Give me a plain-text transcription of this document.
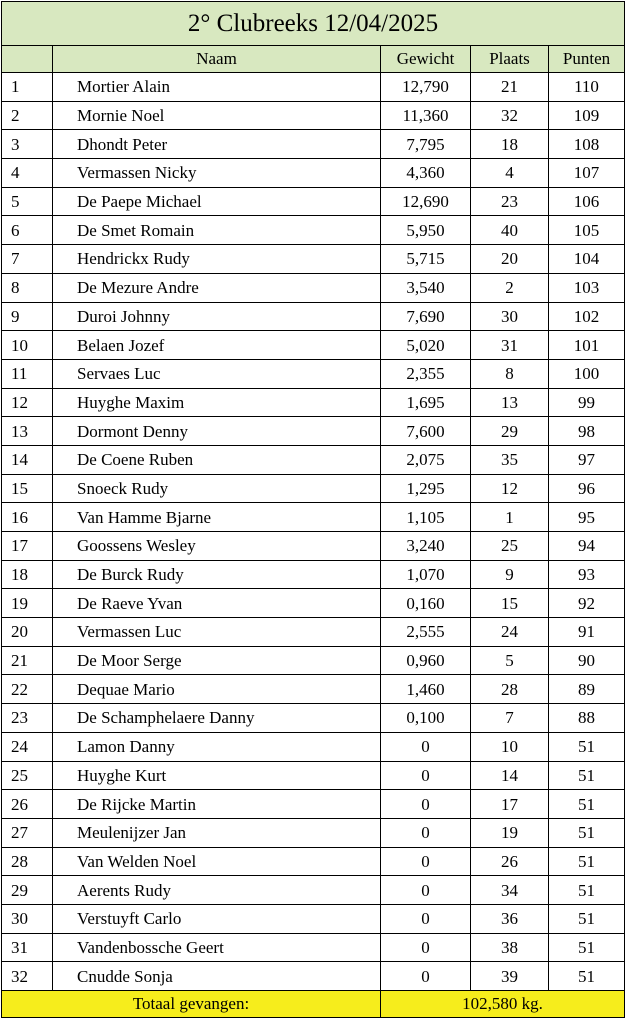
2° Clubreeks 12/04/2025				
	Naam	Gewicht	Plaats	Punten
1	Mortier Alain	12,790	21	110
2	Mornie Noel	11,360	32	109
3	Dhondt Peter	7,795	18	108
4	Vermassen Nicky	4,360	4	107
5	De Paepe Michael	12,690	23	106
6	De Smet Romain	5,950	40	105
7	Hendrickx Rudy	5,715	20	104
8	De Mezure Andre	3,540	2	103
9	Duroi Johnny	7,690	30	102
10	Belaen Jozef	5,020	31	101
11	Servaes Luc	2,355	8	100
12	Huyghe Maxim	1,695	13	99
13	Dormont Denny	7,600	29	98
14	De Coene Ruben	2,075	35	97
15	Snoeck Rudy	1,295	12	96
16	Van Hamme Bjarne	1,105	1	95
17	Goossens Wesley	3,240	25	94
18	De Burck Rudy	1,070	9	93
19	De Raeve Yvan	0,160	15	92
20	Vermassen Luc	2,555	24	91
21	De Moor Serge	0,960	5	90
22	Dequae Mario	1,460	28	89
23	De Schamphelaere Danny	0,100	7	88
24	Lamon Danny	0	10	51
25	Huyghe Kurt	0	14	51
26	De Rijcke Martin	0	17	51
27	Meulenijzer Jan	0	19	51
28	Van Welden Noel	0	26	51
29	Aerents Rudy	0	34	51
30	Verstuyft Carlo	0	36	51
31	Vandenbossche Geert	0	38	51
32	Cnudde Sonja	0	39	51
Totaal gevangen:		102,580 kg.		
